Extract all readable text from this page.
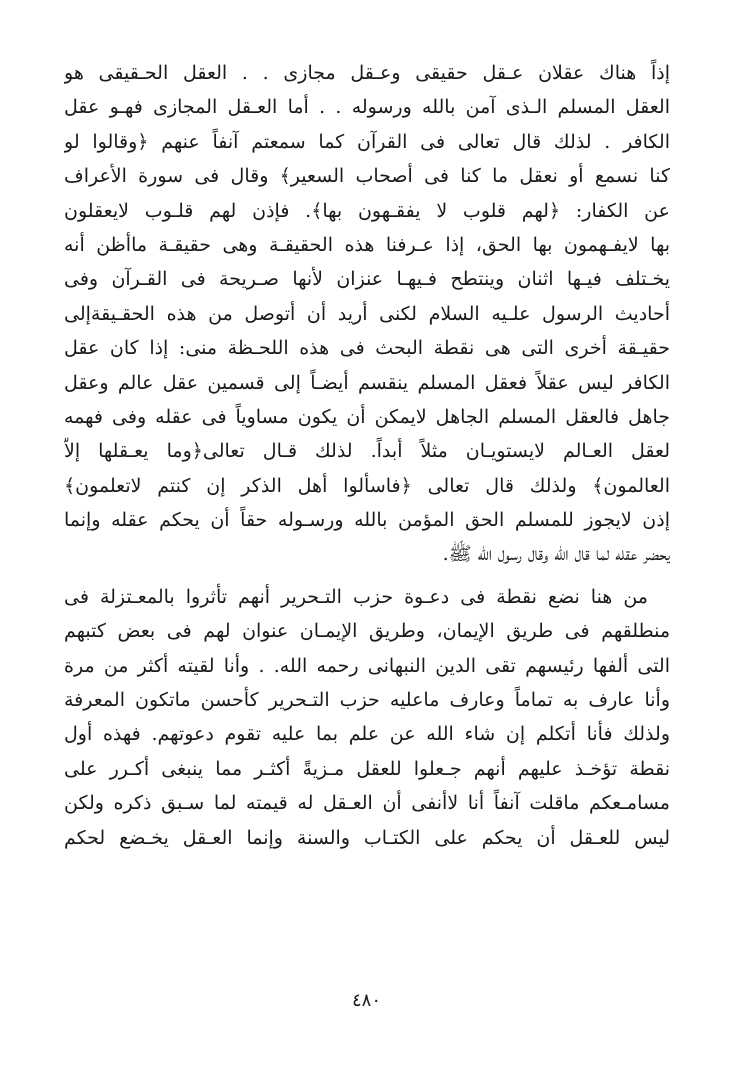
إذاً هناك عقلان عـقل حقيقى وعـقل مجازى . . العقل الحـقيقى هو
العقل المسلم الـذى آمن بالله ورسوله . . أما العـقل المجازى فهـو عقل
الكافر . لذلك قال تعالى فى القرآن كما سمعتم آنفاً عنهم ﴿وقالوا لو
كنا نسمع أو نعقل ما كنا فى أصحاب السعير﴾ وقال فى سورة الأعراف
عن الكفار: ﴿لهم قلوب لا يفقـهون بها﴾. فإذن لهم قلـوب لايعقلون
بها لايفـهمون بها الحق، إذا عـرفنا هذه الحقيقـة وهى حقيقـة ماأظن أنه
يخـتلف فيـها اثنان وينتطح فـيهـا عنزان لأنها صـريحة فى القـرآن وفى
أحاديث الرسول علـيه السلام لكنى أريد أن أتوصل من هذه الحقـيقةإلى
حقيـقة أخرى التى هى نقطة البحث فى هذه اللحـظة منى: إذا كان عقل
الكافر ليس عقلاً فعقل المسلم ينقسم أيضـاً إلى قسمين عقل عالم وعقل
جاهل فالعقل المسلم الجاهل لايمكن أن يكون مساوياً فى عقله وفى فهمه
لعقل العـالم لايستويـان مثلاً أبداً. لذلك قـال تعالى﴿وما يعـقلها إلاّ
العالمون﴾ ولذلك قال تعالى ﴿فاسألوا أهل الذكر إن كنتم لاتعلمون﴾
إذن لايجوز للمسلم الحق المؤمن بالله ورسـوله حقاً أن يحكم عقله وإنما
يحضر عقله لما قال الله وقال رسول الله ﷺ.
من هنا نضع نقطة فى دعـوة حزب التـحرير أنهم تأثروا بالمعـتزلة فى
منطلقهم فى طريق الإيمان، وطريق الإيمـان عنوان لهم فى بعض كتبهم
التى ألفها رئيسهم تقى الدين النبهانى رحمه الله. . وأنا لقيته أكثر من مرة
وأنا عارف به تماماً وعارف ماعليه حزب التـحرير كأحسن ماتكون المعرفة
ولذلك فأنا أتكلم إن شاء الله عن علم بما عليه تقوم دعوتهم. فهذه أول
نقطة تؤخـذ عليهم أنهم جـعلوا للعقل مـزيةً أكثـر مما ينبغى أكـرر على
مسامـعكم ماقلت آنفاً أنا لاأنفى أن العـقل له قيمته لما سـبق ذكره ولكن
ليس للعـقل أن يحكم على الكتـاب والسنة وإنما العـقل يخـضع لحكم
٤٨٠
